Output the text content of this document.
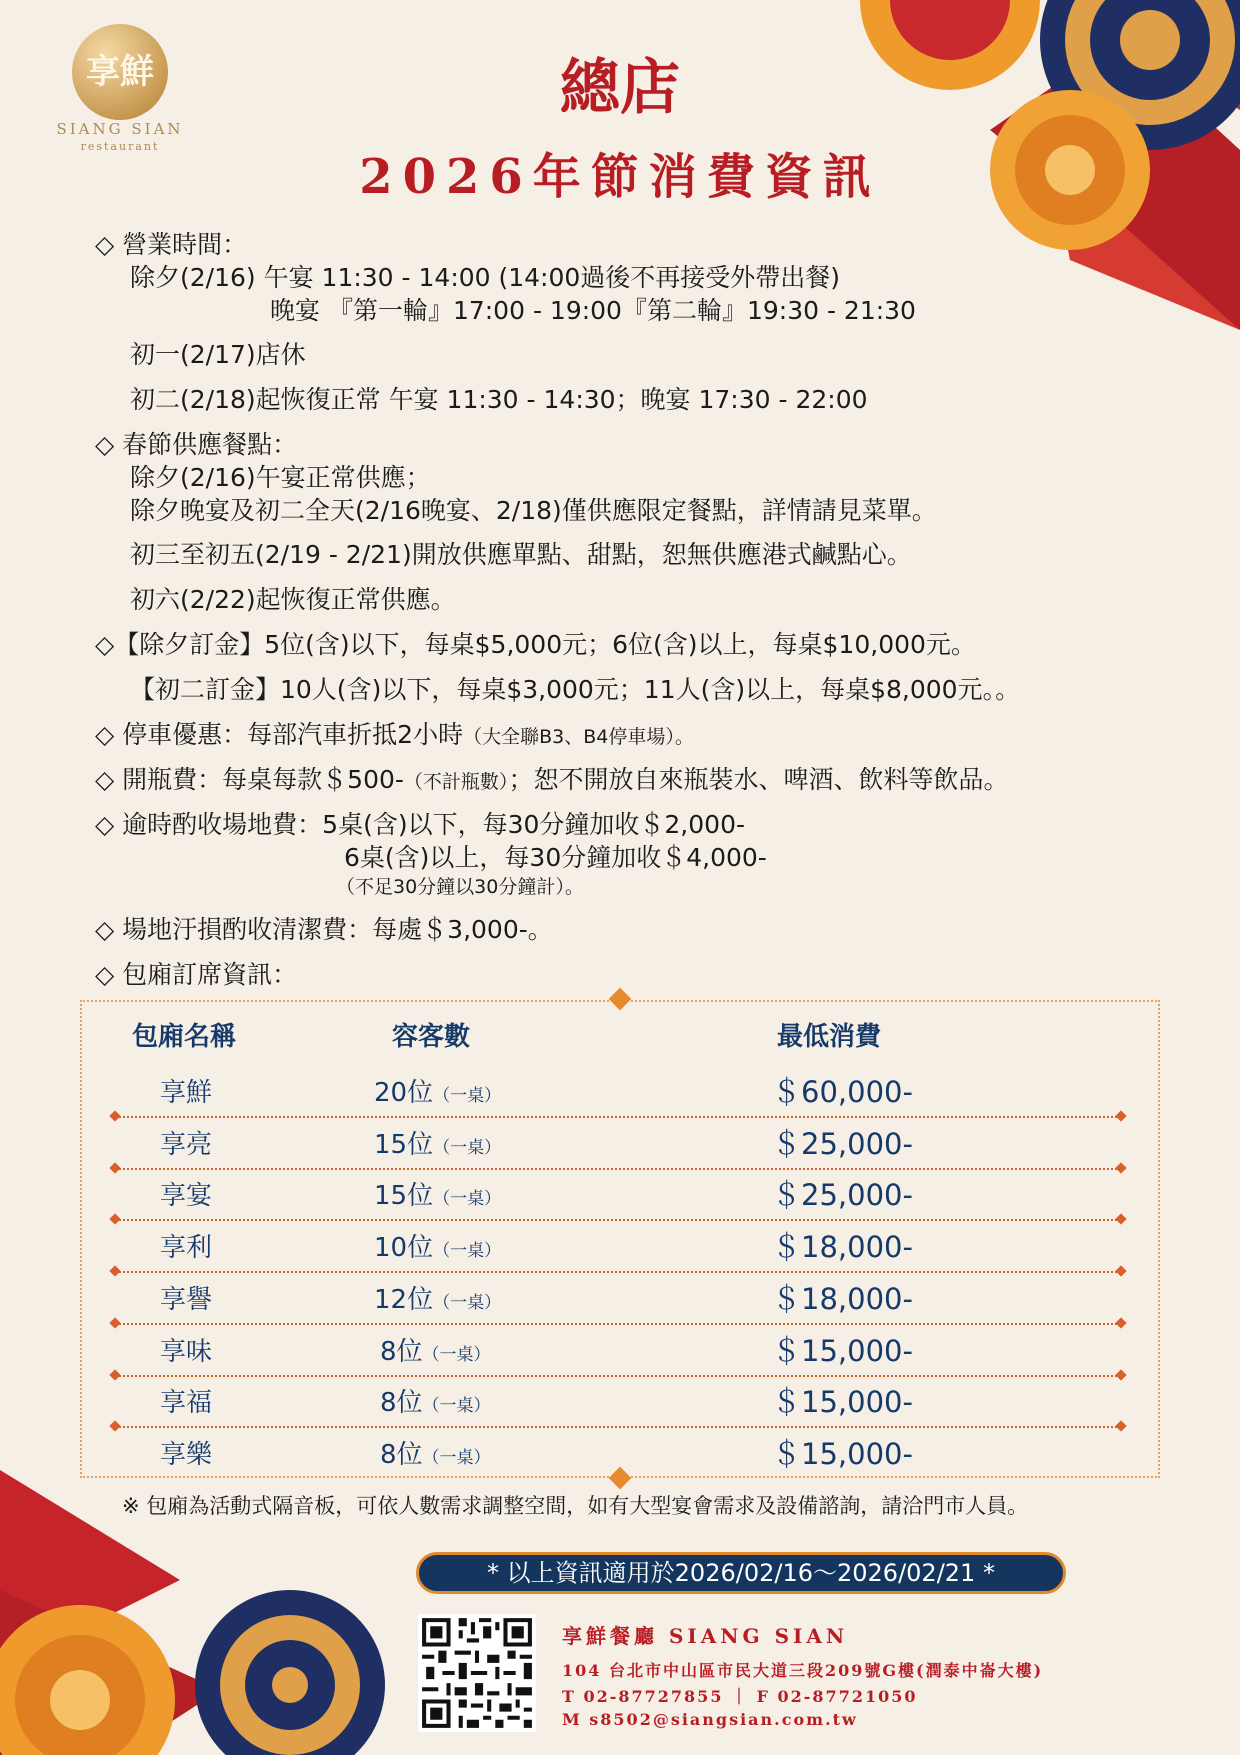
享鮮
SIANG SIAN
restaurant
總店
2026年節消費資訊
◇ 營業時間：
除夕(2/16) 午宴 11:30 - 14:00 (14:00過後不再接受外帶出餐)
晚宴 『第一輪』17:00 - 19:00『第二輪』19:30 - 21:30
初一(2/17)店休
初二(2/18)起恢復正常 午宴 11:30 - 14:30；晚宴 17:30 - 22:00
◇ 春節供應餐點：
除夕(2/16)午宴正常供應；
除夕晚宴及初二全天(2/16晚宴、2/18)僅供應限定餐點，詳情請見菜單。
初三至初五(2/19 - 2/21)開放供應單點、甜點，恕無供應港式鹹點心。
初六(2/22)起恢復正常供應。
◇【除夕訂金】5位(含)以下，每桌$5,000元；6位(含)以上，每桌$10,000元。
【初二訂金】10人(含)以下，每桌$3,000元；11人(含)以上，每桌$8,000元。。
◇ 停車優惠：每部汽車折抵2小時（大全聯B3、B4停車場）。
◇ 開瓶費：每桌每款＄500-（不計瓶數）；恕不開放自來瓶裝水、啤酒、飲料等飲品。
◇ 逾時酌收場地費：5桌(含)以下，每30分鐘加收＄2,000-
6桌(含)以上，每30分鐘加收＄4,000-
（不足30分鐘以30分鐘計）。
◇ 場地汙損酌收清潔費：每處＄3,000-。
◇ 包廂訂席資訊：
包廂名稱	容客數	最低消費
享鮮	20位（一桌）	＄60,000-
享亮	15位（一桌）	＄25,000-
享宴	15位（一桌）	＄25,000-
享利	10位（一桌）	＄18,000-
享譽	12位（一桌）	＄18,000-
享味	8位（一桌）	＄15,000-
享福	8位（一桌）	＄15,000-
享樂	8位（一桌）	＄15,000-
※ 包廂為活動式隔音板，可依人數需求調整空間，如有大型宴會需求及設備諮詢，請洽門市人員。
* 以上資訊適用於2026/02/16～2026/02/21 *
享鮮餐廳 SIANG SIAN
104 台北市中山區市民大道三段209號G樓(潤泰中崙大樓)
T 02-87727855 ｜ F 02-87721050
M s8502@siangsian.com.tw
